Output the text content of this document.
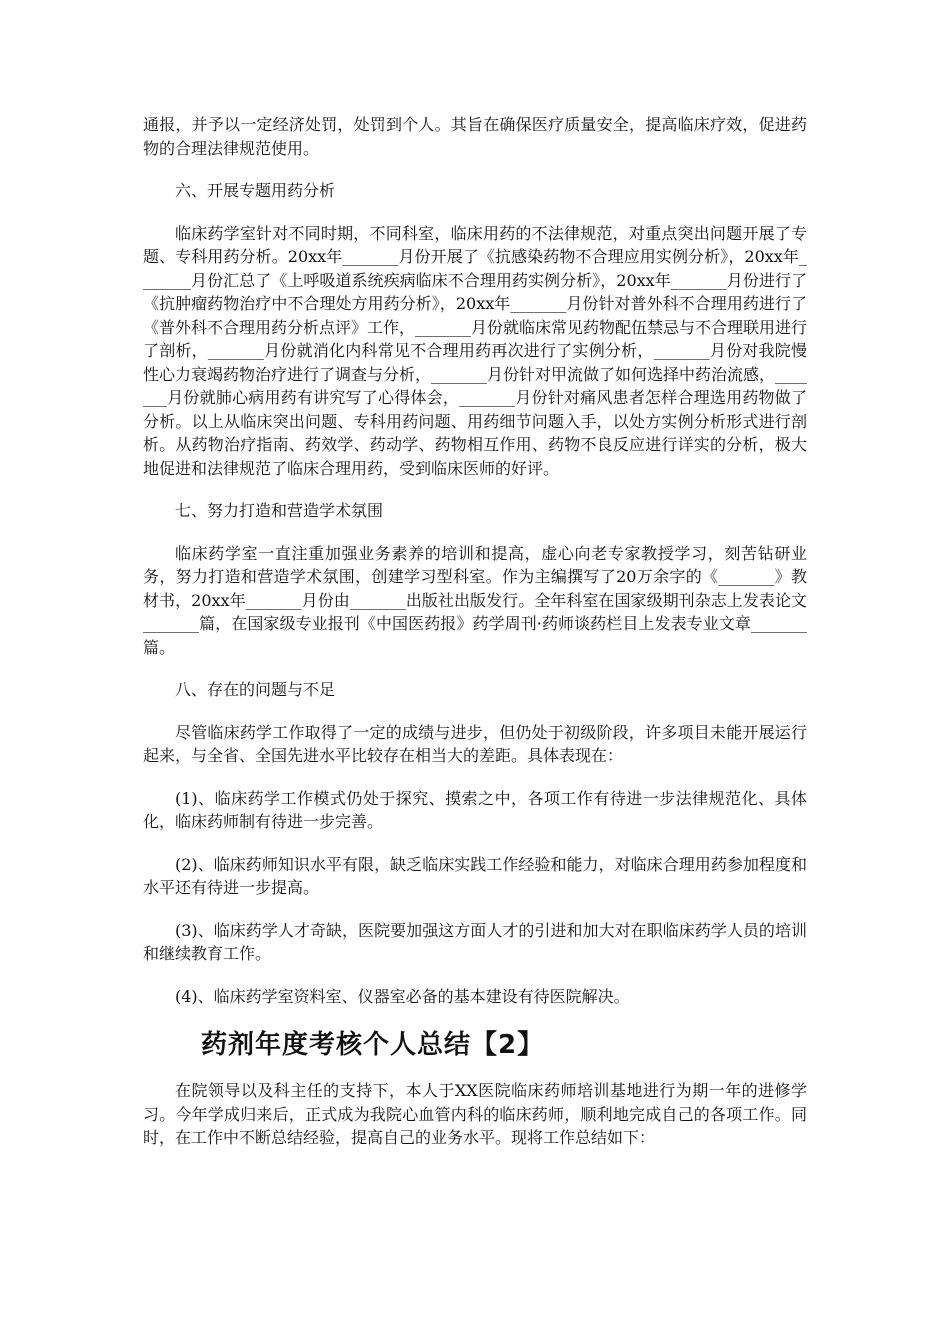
通报，并予以一定经济处罚，处罚到个人。其旨在确保医疗质量安全，提高临床疗效，促进药物的合理法律规范使用。

六、开展专题用药分析

临床药学室针对不同时期，不同科室，临床用药的不法律规范，对重点突出问题开展了专题、专科用药分析。20xx年_______月份开展了《抗感染药物不合理应用实例分析》，20xx年_______月份汇总了《上呼吸道系统疾病临床不合理用药实例分析》，20xx年_______月份进行了《抗肿瘤药物治疗中不合理处方用药分析》，20xx年_______月份针对普外科不合理用药进行了《普外科不合理用药分析点评》工作，_______月份就临床常见药物配伍禁忌与不合理联用进行了剖析，_______月份就消化内科常见不合理用药再次进行了实例分析，_______月份对我院慢性心力衰竭药物治疗进行了调查与分析，_______月份针对甲流做了如何选择中药治流感，_______月份就肺心病用药有讲究写了心得体会，_______月份针对痛风患者怎样合理选用药物做了分析。以上从临床突出问题、专科用药问题、用药细节问题入手，以处方实例分析形式进行剖析。从药物治疗指南、药效学、药动学、药物相互作用、药物不良反应进行详实的分析，极大地促进和法律规范了临床合理用药，受到临床医师的好评。

七、努力打造和营造学术氛围

临床药学室一直注重加强业务素养的培训和提高，虚心向老专家教授学习，刻苦钻研业务，努力打造和营造学术氛围，创建学习型科室。作为主编撰写了20万余字的《_______》教材书，20xx年_______月份由_______出版社出版发行。全年科室在国家级期刊杂志上发表论文_______篇，在国家级专业报刊《中国医药报》药学周刊·药师谈药栏目上发表专业文章_______篇。

八、存在的问题与不足

尽管临床药学工作取得了一定的成绩与进步，但仍处于初级阶段，许多项目未能开展运行起来，与全省、全国先进水平比较存在相当大的差距。具体表现在：

(1)、临床药学工作模式仍处于探究、摸索之中，各项工作有待进一步法律规范化、具体化，临床药师制有待进一步完善。

(2)、临床药师知识水平有限，缺乏临床实践工作经验和能力，对临床合理用药参加程度和水平还有待进一步提高。

(3)、临床药学人才奇缺，医院要加强这方面人才的引进和加大对在职临床药学人员的培训和继续教育工作。

(4)、临床药学室资料室、仪器室必备的基本建设有待医院解决。

药剂年度考核个人总结【2】

在院领导以及科主任的支持下，本人于XX医院临床药师培训基地进行为期一年的进修学习。今年学成归来后，正式成为我院心血管内科的临床药师，顺利地完成自己的各项工作。同时，在工作中不断总结经验，提高自己的业务水平。现将工作总结如下：
